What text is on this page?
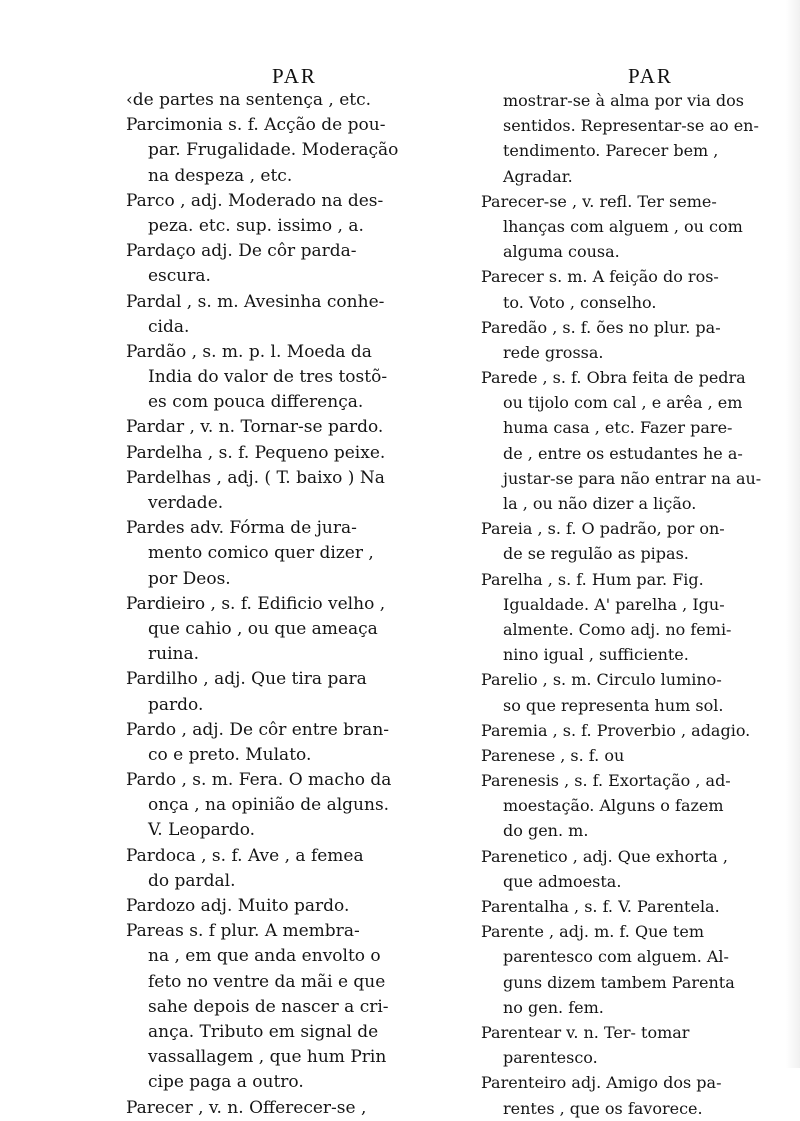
PAR	PAR
‹de partes na sentença , etc.
Parcimonia s. f. Acção de pou-
par. Frugalidade. Moderação
na despeza , etc.
Parco , adj. Moderado na des-
peza. etc. sup. issimo , a.
Pardaço adj. De côr parda-
escura.
Pardal , s. m. Avesinha conhe-
cida.
Pardão , s. m. p. l. Moeda da
India do valor de tres tostõ-
es com pouca differença.
Pardar , v. n. Tornar-se pardo.
Pardelha , s. f. Pequeno peixe.
Pardelhas , adj. ( T. baixo ) Na
verdade.
Pardes adv. Fórma de jura-
mento comico quer dizer ,
por Deos.
Pardieiro , s. f. Edificio velho ,
que cahio , ou que ameaça
ruina.
Pardilho , adj. Que tira para
pardo.
Pardo , adj. De côr entre bran-
co e preto. Mulato.
Pardo , s. m. Fera. O macho da
onça , na opinião de alguns.
V. Leopardo.
Pardoca , s. f. Ave , a femea
do pardal.
Pardozo adj. Muito pardo.
Pareas s. f plur. A membra-
na , em que anda envolto o
feto no ventre da mãi e que
sahe depois de nascer a cri-
ança. Tributo em signal de
vassallagem , que hum Prin
cipe paga a outro.
Parecer , v. n. Offerecer-se ,
mostrar-se à alma por via dos
sentidos. Representar-se ao en-
tendimento. Parecer bem ,
Agradar.
Parecer-se , v. refl. Ter seme-
lhanças com alguem , ou com
alguma cousa.
Parecer s. m. A feição do ros-
to. Voto , conselho.
Paredão , s. f. ões no plur. pa-
rede grossa.
Parede , s. f. Obra feita de pedra
ou tijolo com cal , e arêa , em
huma casa , etc. Fazer pare-
de , entre os estudantes he a-
justar-se para não entrar na au-
la , ou não dizer a lição.
Pareia , s. f. O padrão, por on-
de se regulão as pipas.
Parelha , s. f. Hum par. Fig.
Igualdade. A' parelha , Igu-
almente. Como adj. no femi-
nino igual , sufficiente.
Parelio , s. m. Circulo lumino-
so que representa hum sol.
Paremia , s. f. Proverbio , adagio.
Parenese , s. f. ou
Parenesis , s. f. Exortação , ad-
moestação. Alguns o fazem
do gen. m.
Parenetico , adj. Que exhorta ,
que admoesta.
Parentalha , s. f. V. Parentela.
Parente , adj. m. f. Que tem
parentesco com alguem. Al-
guns dizem tambem Parenta
no gen. fem.
Parentear v. n. Ter- tomar
parentesco.
Parenteiro adj. Amigo dos pa-
rentes , que os favorece.
